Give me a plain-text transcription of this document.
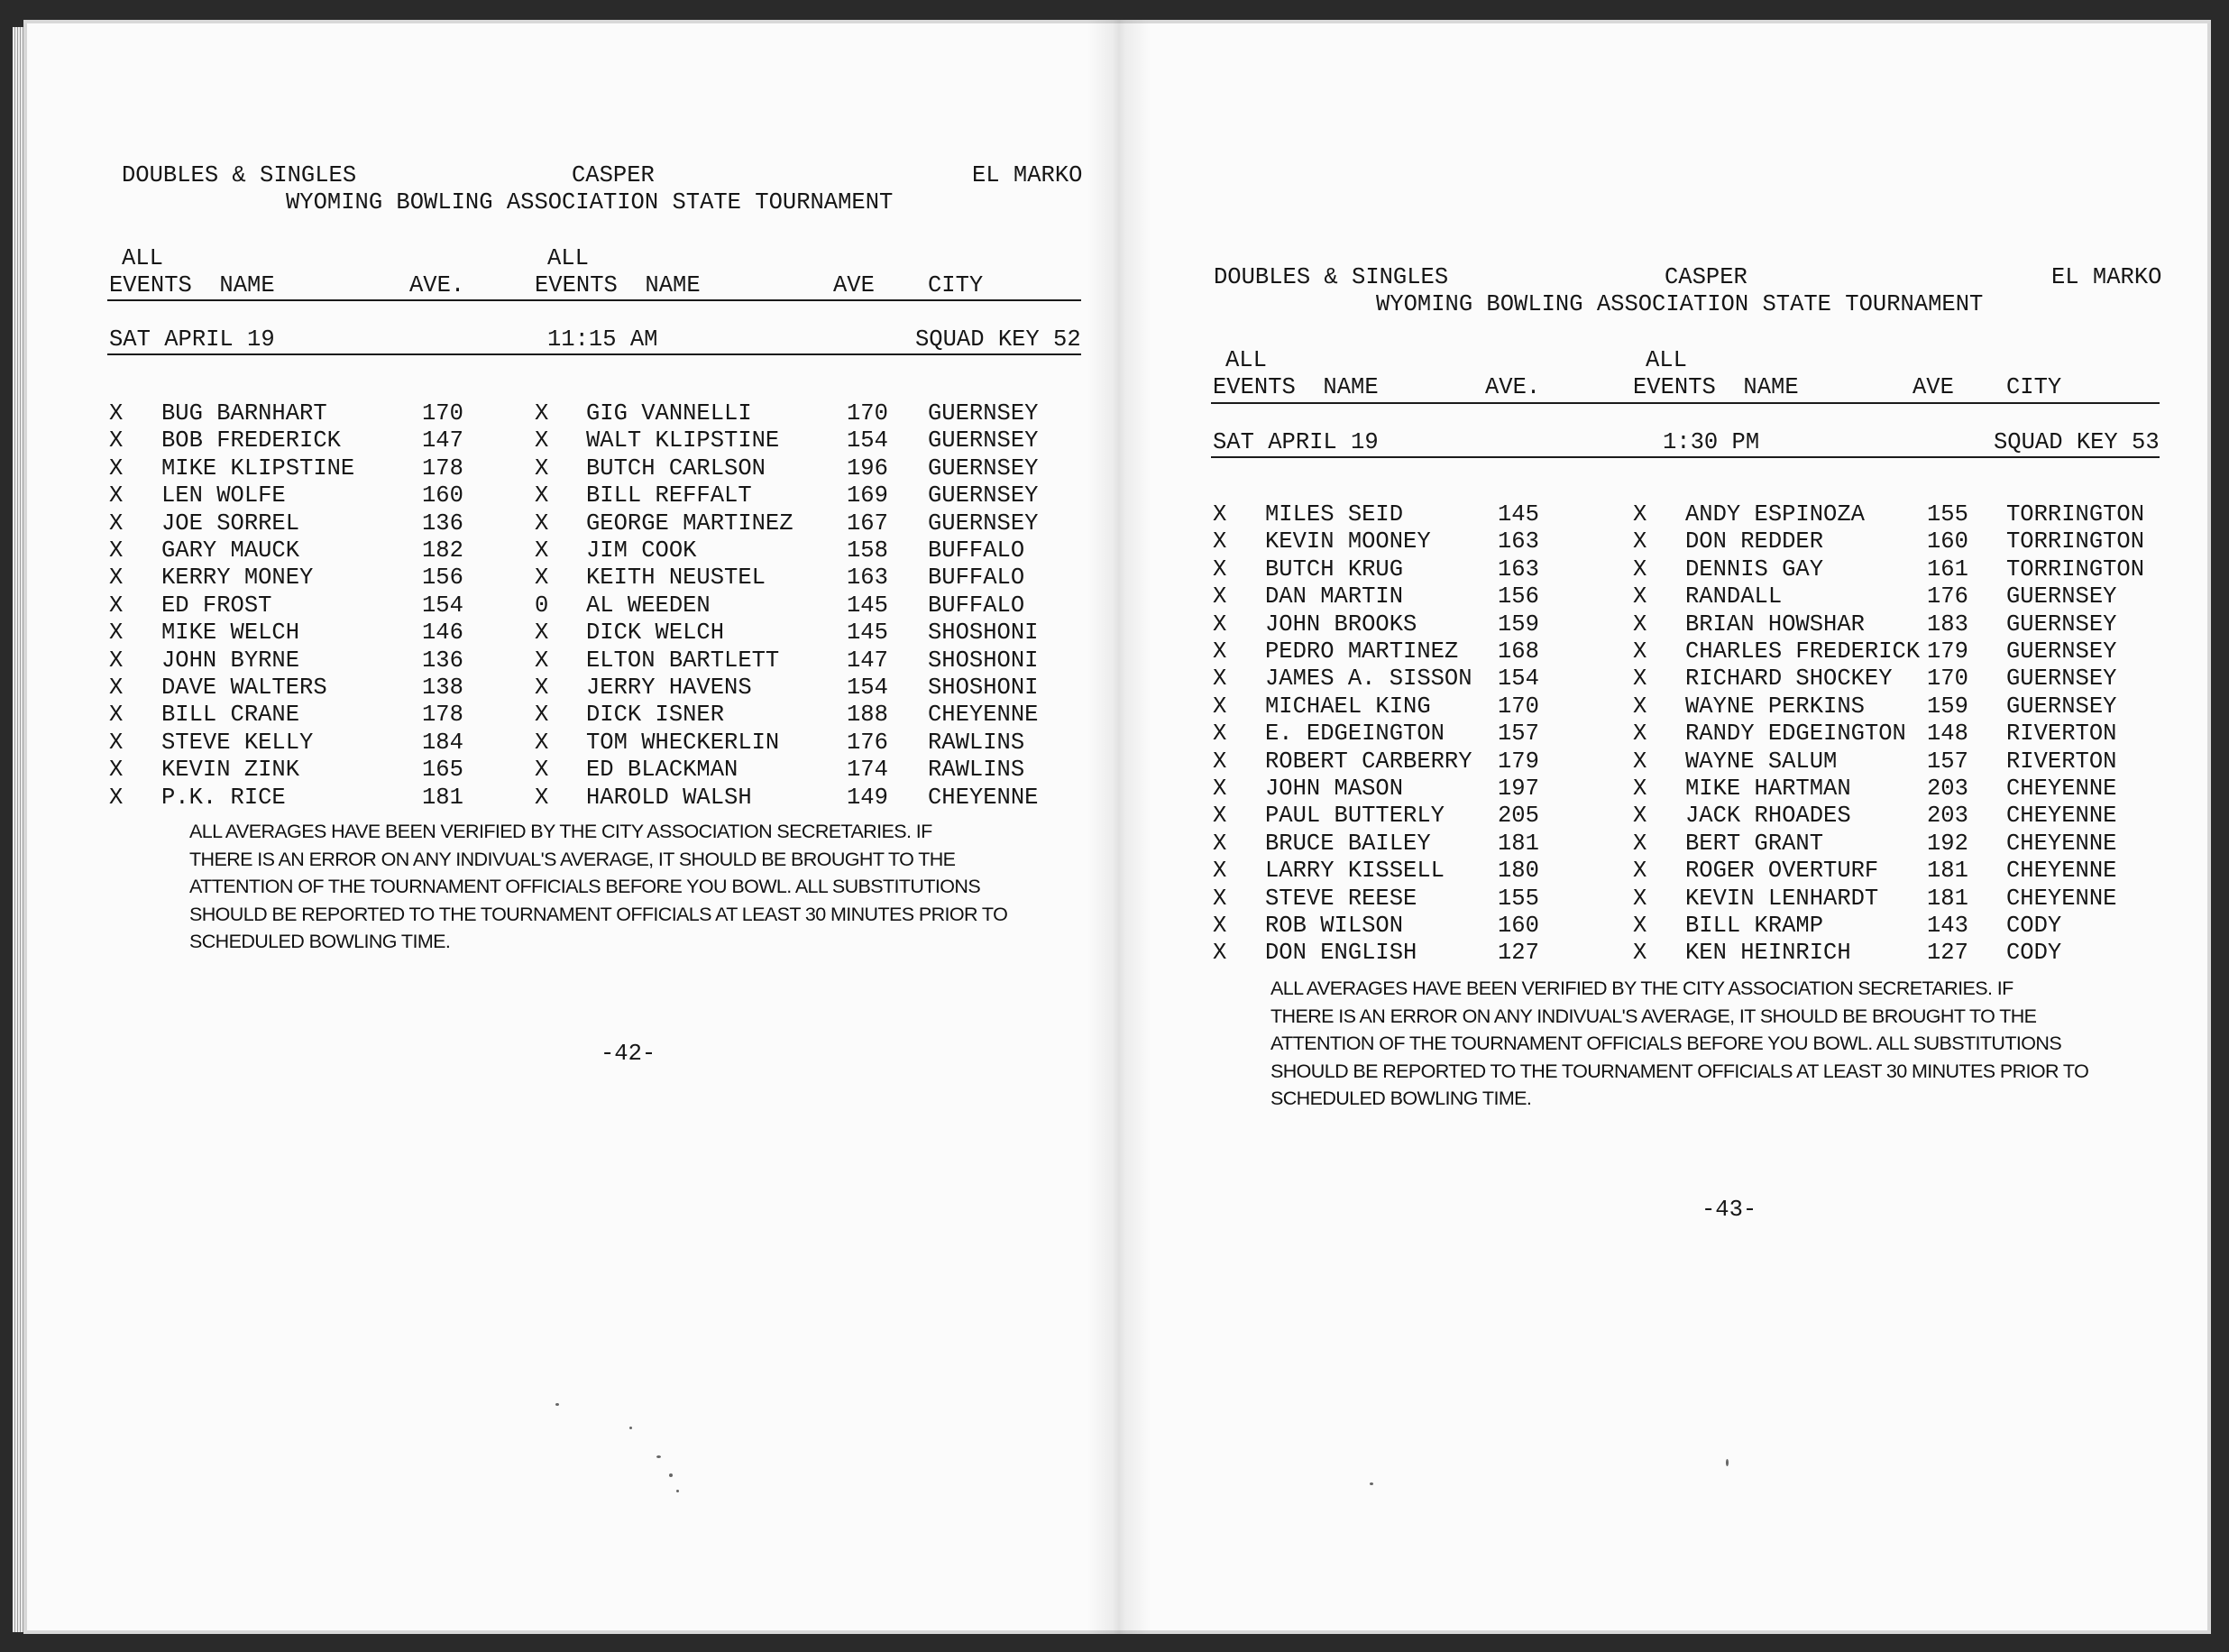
DOUBLES & SINGLES	CASPER	EL MARKO
WYOMING BOWLING ASSOCIATION STATE TOURNAMENT
ALL
EVENTS  NAME	AVE.
ALL
EVENTS  NAME	AVE CITY
SAT APRIL 19	11:15 AM	SQUAD KEY 52
X BUG BARNHART	170	X GIG VANNELLI	170 GUERNSEY
X BOB FREDERICK	147	X WALT KLIPSTINE	154 GUERNSEY
X MIKE KLIPSTINE	178	X BUTCH CARLSON	196 GUERNSEY
X LEN WOLFE	160	X BILL REFFALT	169 GUERNSEY
X JOE SORREL	136	X GEORGE MARTINEZ 167 GUERNSEY
X GARY MAUCK	182	X JIM COOK	158 BUFFALO
X KERRY MONEY	156	X KEITH NEUSTEL	163 BUFFALO
X ED FROST	154	0 AL WEEDEN	145 BUFFALO
X MIKE WELCH	146	X DICK WELCH	145 SHOSHONI
X JOHN BYRNE	136	X ELTON BARTLETT	147 SHOSHONI
X DAVE WALTERS	138	X JERRY HAVENS	154 SHOSHONI
X BILL CRANE	178	X DICK ISNER	188 CHEYENNE
X STEVE KELLY	184	X TOM WHECKERLIN	176 RAWLINS
X KEVIN ZINK	165	X ED BLACKMAN	174 RAWLINS
X P.K. RICE	181	X HAROLD WALSH	149 CHEYENNE
ALL AVERAGES HAVE BEEN VERIFIED BY THE CITY ASSOCIATION SECRETARIES. IF
THERE IS AN ERROR ON ANY INDIVUAL'S AVERAGE, IT SHOULD BE BROUGHT TO THE
ATTENTION OF THE TOURNAMENT OFFICIALS BEFORE YOU BOWL. ALL SUBSTITUTIONS
SHOULD BE REPORTED TO THE TOURNAMENT OFFICIALS AT LEAST 30 MINUTES PRIOR TO
SCHEDULED BOWLING TIME.
-42-
DOUBLES & SINGLES	CASPER	EL MARKO
WYOMING BOWLING ASSOCIATION STATE TOURNAMENT
ALL
EVENTS  NAME	AVE.
ALL
EVENTS  NAME	AVE CITY
SAT APRIL 19	1:30 PM	SQUAD KEY 53
X MILES SEID	145	X ANDY ESPINOZA	155 TORRINGTON
X KEVIN MOONEY	163	X DON REDDER	160 TORRINGTON
X BUTCH KRUG	163	X DENNIS GAY	161 TORRINGTON
X DAN MARTIN	156	X RANDALL	176 GUERNSEY
X JOHN BROOKS	159	X BRIAN HOWSHAR	183 GUERNSEY
X PEDRO MARTINEZ 168	X CHARLES FREDERICK 179 GUERNSEY
X JAMES A. SISSON 154	X RICHARD SHOCKEY 170 GUERNSEY
X MICHAEL KING	170	X WAYNE PERKINS	159 GUERNSEY
X E. EDGEINGTON 157	X RANDY EDGEINGTON 148 RIVERTON
X ROBERT CARBERRY 179	X WAYNE SALUM	157 RIVERTON
X JOHN MASON	197	X MIKE HARTMAN	203 CHEYENNE
X PAUL BUTTERLY 205	X JACK RHOADES	203 CHEYENNE
X BRUCE BAILEY	181	X BERT GRANT	192 CHEYENNE
X LARRY KISSELL 180	X ROGER OVERTURF 181 CHEYENNE
X STEVE REESE	155	X KEVIN LENHARDT 181 CHEYENNE
X ROB WILSON	160	X BILL KRAMP	143 CODY
X DON ENGLISH	127	X KEN HEINRICH	127 CODY
ALL AVERAGES HAVE BEEN VERIFIED BY THE CITY ASSOCIATION SECRETARIES. IF
THERE IS AN ERROR ON ANY INDIVUAL'S AVERAGE, IT SHOULD BE BROUGHT TO THE
ATTENTION OF THE TOURNAMENT OFFICIALS BEFORE YOU BOWL. ALL SUBSTITUTIONS
SHOULD BE REPORTED TO THE TOURNAMENT OFFICIALS AT LEAST 30 MINUTES PRIOR TO
SCHEDULED BOWLING TIME.
-43-
